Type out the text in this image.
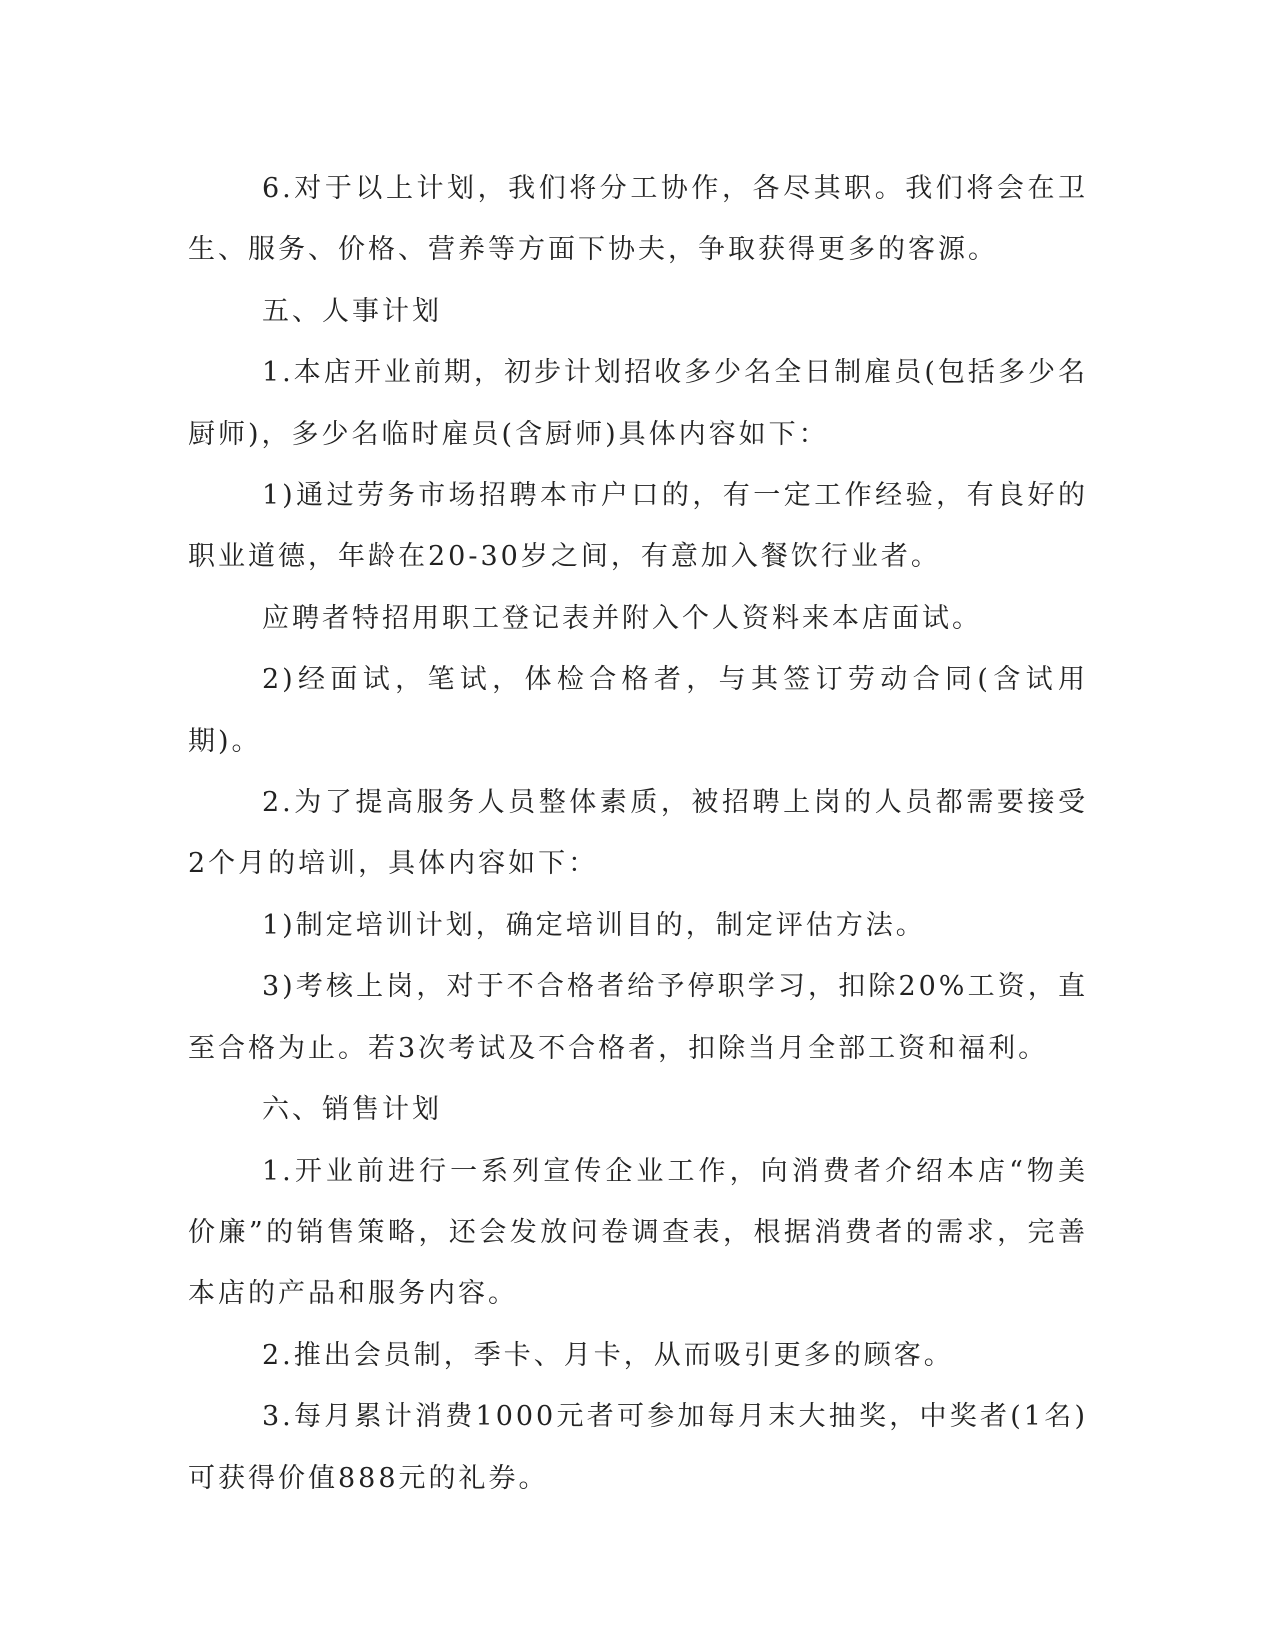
6.对于以上计划，我们将分工协作，各尽其职。我们将会在卫生、服务、价格、营养等方面下协夫，争取获得更多的客源。

五、人事计划

1.本店开业前期，初步计划招收多少名全日制雇员(包括多少名厨师)，多少名临时雇员(含厨师)具体内容如下：

1)通过劳务市场招聘本市户口的，有一定工作经验，有良好的职业道德，年龄在20-30岁之间，有意加入餐饮行业者。

应聘者特招用职工登记表并附入个人资料来本店面试。

2)经面试，笔试，体检合格者，与其签订劳动合同(含试用期)。

2.为了提高服务人员整体素质，被招聘上岗的人员都需要接受2个月的培训，具体内容如下：

1)制定培训计划，确定培训目的，制定评估方法。

3)考核上岗，对于不合格者给予停职学习，扣除20%工资，直至合格为止。若3次考试及不合格者，扣除当月全部工资和福利。

六、销售计划

1.开业前进行一系列宣传企业工作，向消费者介绍本店“物美价廉”的销售策略，还会发放问卷调查表，根据消费者的需求，完善本店的产品和服务内容。

2.推出会员制，季卡、月卡，从而吸引更多的顾客。

3.每月累计消费1000元者可参加每月末大抽奖，中奖者(1名)可获得价值888元的礼券。
